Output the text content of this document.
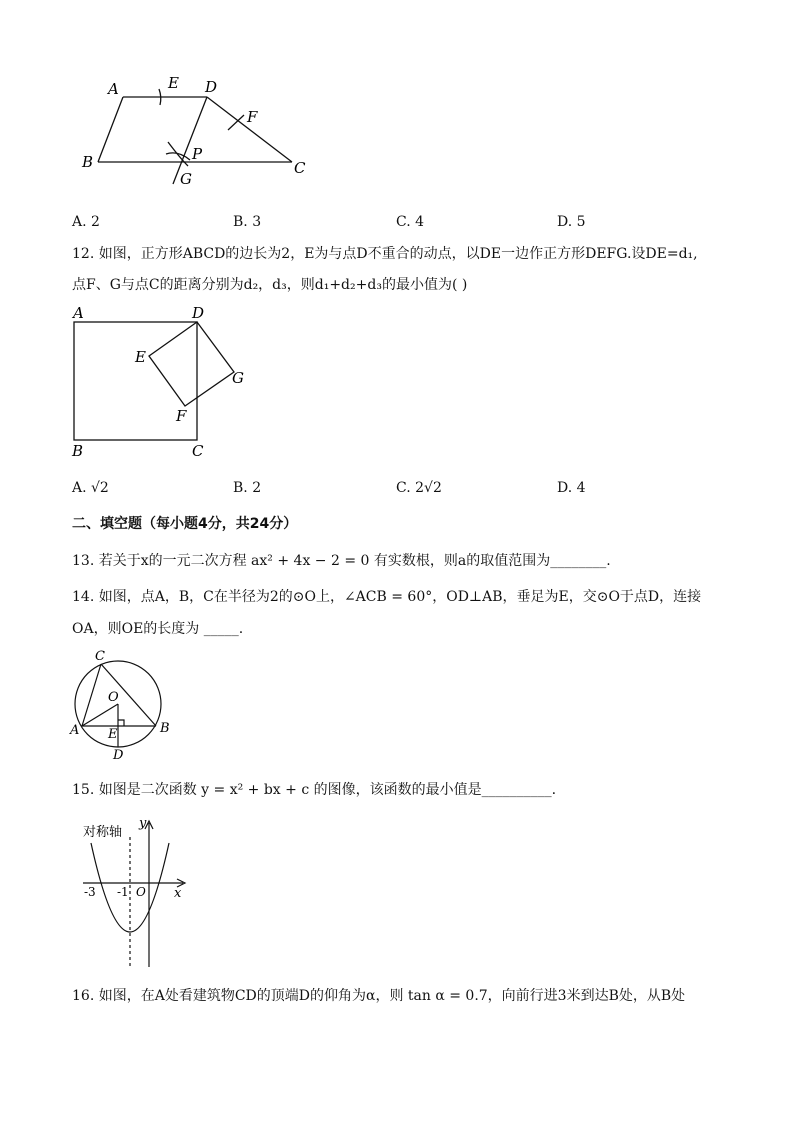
A	E D
F
P
B	C
G
A. 2	B. 3	C. 4	D. 5
12. 如图，正方形ABCD的边长为2，E为与点D不重合的动点，以DE一边作正方形DEFG.设DE=d₁,
点F、G与点C的距离分别为d₂，d₃，则d₁+d₂+d₃的最小值为( )
A	D
E
G
F
B	C
A. √2	B. 2	C. 2√2	D. 4
二、填空题（每小题4分，共24分）
13. 若关于x的一元二次方程 ax² + 4x − 2 = 0 有实数根，则a的取值范围为________.
14. 如图，点A，B，C在半径为2的⊙O上，∠ACB = 60°，OD⊥AB，垂足为E，交⊙O于点D，连接
OA，则OE的长度为 _____.
C
O
A E	B
D
15. 如图是二次函数 y = x² + bx + c 的图像，该函数的最小值是__________.
对称轴
y
x
-3 -1 O
16. 如图，在A处看建筑物CD的顶端D的仰角为α，则 tan α = 0.7，向前行进3米到达B处，从B处
